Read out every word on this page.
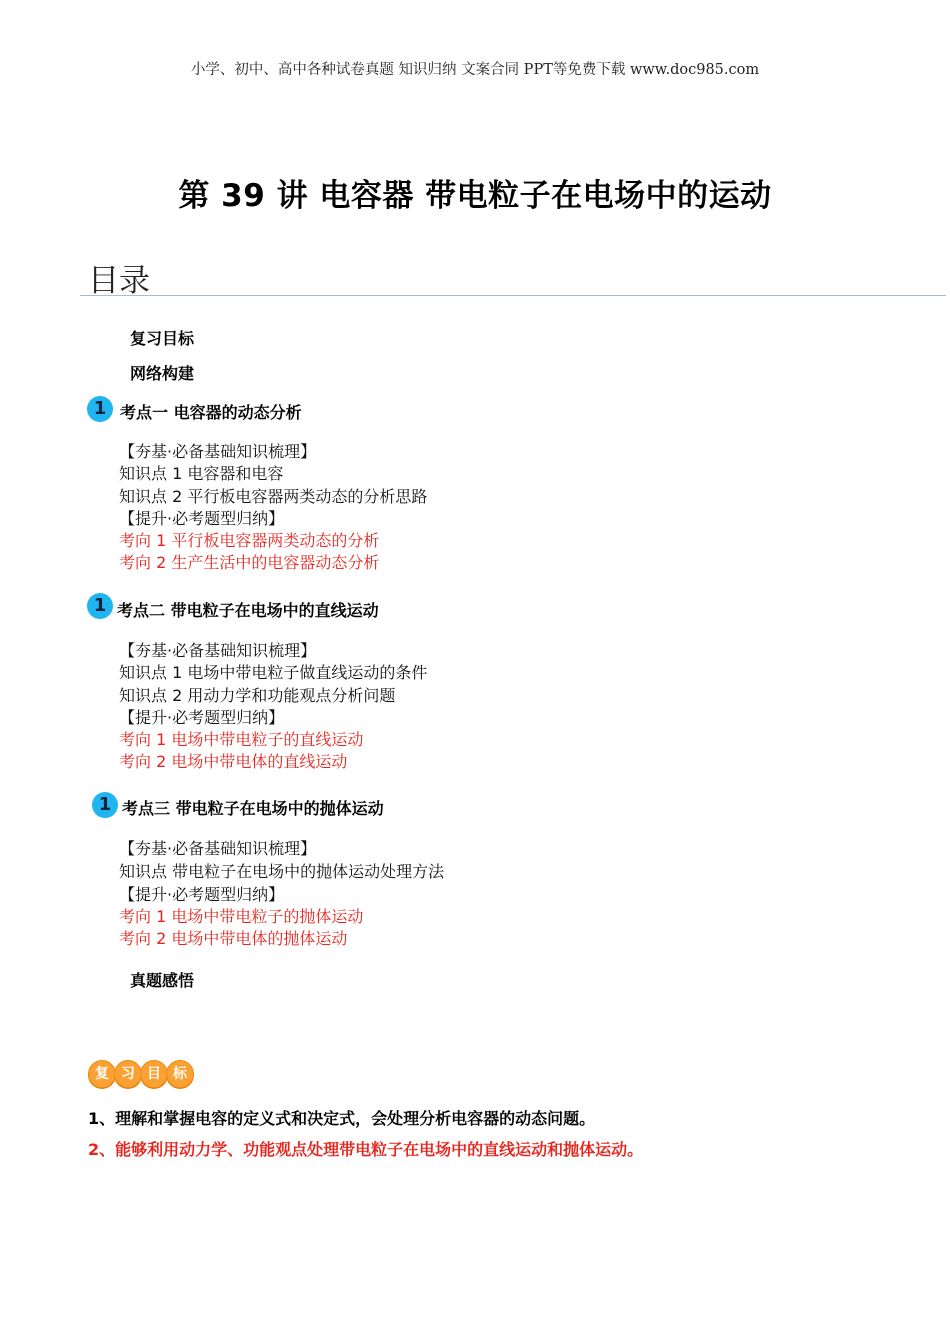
小学、初中、高中各种试卷真题 知识归纳 文案合同 PPT等免费下载 www.doc985.com
第 39 讲 电容器 带电粒子在电场中的运动
目录
复习目标
网络构建
1 考点一 电容器的动态分析
【夯基·必备基础知识梳理】
知识点 1 电容器和电容
知识点 2 平行板电容器两类动态的分析思路
【提升·必考题型归纳】
考向 1 平行板电容器两类动态的分析
考向 2 生产生活中的电容器动态分析
1 考点二 带电粒子在电场中的直线运动
【夯基·必备基础知识梳理】
知识点 1 电场中带电粒子做直线运动的条件
知识点 2 用动力学和功能观点分析问题
【提升·必考题型归纳】
考向 1 电场中带电粒子的直线运动
考向 2 电场中带电体的直线运动
1 考点三 带电粒子在电场中的抛体运动
【夯基·必备基础知识梳理】
知识点 带电粒子在电场中的抛体运动处理方法
【提升·必考题型归纳】
考向 1 电场中带电粒子的抛体运动
考向 2 电场中带电体的抛体运动
真题感悟
复 习 目 标
1、理解和掌握电容的定义式和决定式，会处理分析电容器的动态问题。
2、能够利用动力学、功能观点处理带电粒子在电场中的直线运动和抛体运动。
